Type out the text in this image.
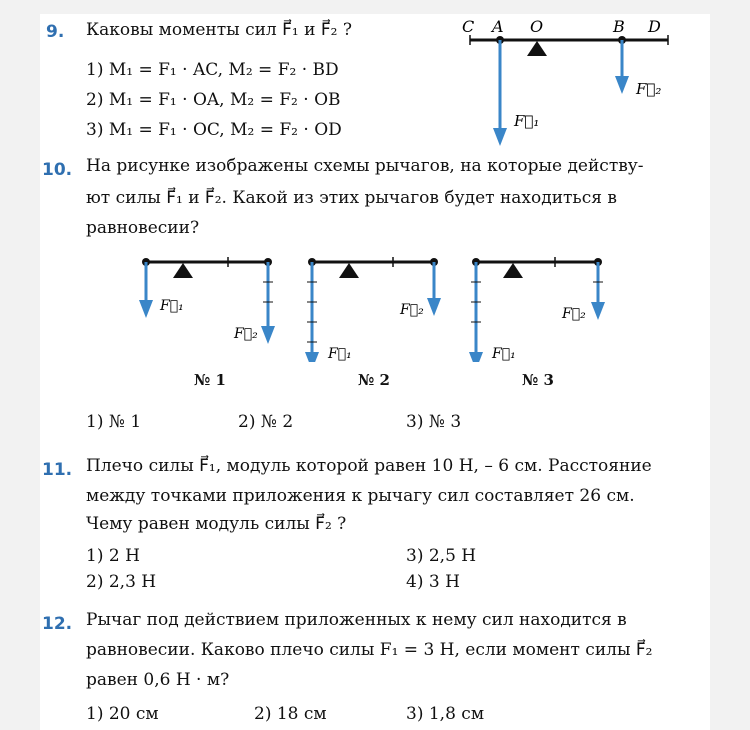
9. Каковы моменты сил F⃗₁ и F⃗₂ ?
1) M₁ = F₁ · AC, M₂ = F₂ · BD
2) M₁ = F₁ · OA, M₂ = F₂ · OB
3) M₁ = F₁ · OC, M₂ = F₂ · OD
C A O	B D
F⃗₁
F⃗₂
10. На рисунке изображены схемы рычагов, на которые действу-
ют силы F⃗₁ и F⃗₂. Какой из этих рычагов будет находиться в
равновесии?
F⃗₁
F⃗₂
F⃗₁
F⃗₂
F⃗₁
F⃗₂
№ 1	№ 2	№ 3
1) № 1	2) № 2	3) № 3
11. Плечо силы F⃗₁, модуль которой равен 10 Н, – 6 см. Расстояние
между точками приложения к рычагу сил составляет 26 см.
Чему равен модуль силы F⃗₂ ?
1) 2 Н	3) 2,5 Н
2) 2,3 Н	4) 3 Н
12. Рычаг под действием приложенных к нему сил находится в
равновесии. Каково плечо силы F₁ = 3 Н, если момент силы F⃗₂
равен 0,6 Н · м?
1) 20 см	2) 18 см	3) 1,8 см
